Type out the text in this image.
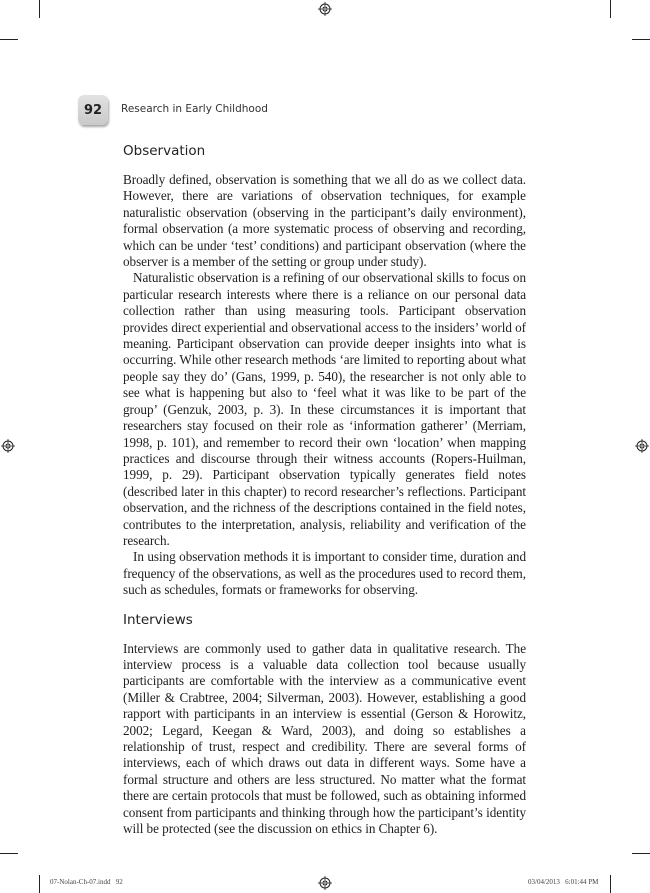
92	Research in Early Childhood
Observation

Broadly defined, observation is something that we all do as we collect data. However, there are variations of observation techniques, for example naturalistic observation (observing in the participant’s daily environment), formal observation (a more systematic process of observing and recording, which can be under ‘test’ conditions) and participant observation (where the observer is a member of the setting or group under study).

Naturalistic observation is a refining of our observational skills to focus on particular research interests where there is a reliance on our personal data collection rather than using measuring tools. Participant observation provides direct experiential and observational access to the insiders’ world of meaning. Participant observation can provide deeper insights into what is occurring. While other research methods ‘are limited to reporting about what people say they do’ (Gans, 1999, p. 540), the researcher is not only able to see what is happening but also to ‘feel what it was like to be part of the group’ (Genzuk, 2003, p. 3). In these circumstances it is important that researchers stay focused on their role as ‘information gatherer’ (Merriam, 1998, p. 101), and remember to record their own ‘location’ when mapping practices and discourse through their witness accounts (Ropers-Huilman, 1999, p. 29). Participant observation typically generates field notes (described later in this chapter) to record researcher’s reflections. Participant observation, and the richness of the descriptions contained in the field notes, contributes to the interpretation, analysis, reliability and verification of the research.

In using observation methods it is important to consider time, duration and frequency of the observations, as well as the procedures used to record them, such as schedules, formats or frameworks for observing.

Interviews

Interviews are commonly used to gather data in qualitative research. The interview process is a valuable data collection tool because usually participants are comfortable with the interview as a communicative event (Miller & Crabtree, 2004; Silverman, 2003). However, establishing a good rapport with participants in an interview is essential (Gerson & Horowitz, 2002; Legard, Keegan & Ward, 2003), and doing so establishes a relationship of trust, respect and credibility. There are several forms of interviews, each of which draws out data in different ways. Some have a formal structure and others are less structured. No matter what the format there are certain protocols that must be followed, such as obtaining informed consent from participants and thinking through how the participant’s identity will be protected (see the discussion on ethics in Chapter 6).

07-Nolan-Ch-07.indd   92	03/04/2013   6:01:44 PM
